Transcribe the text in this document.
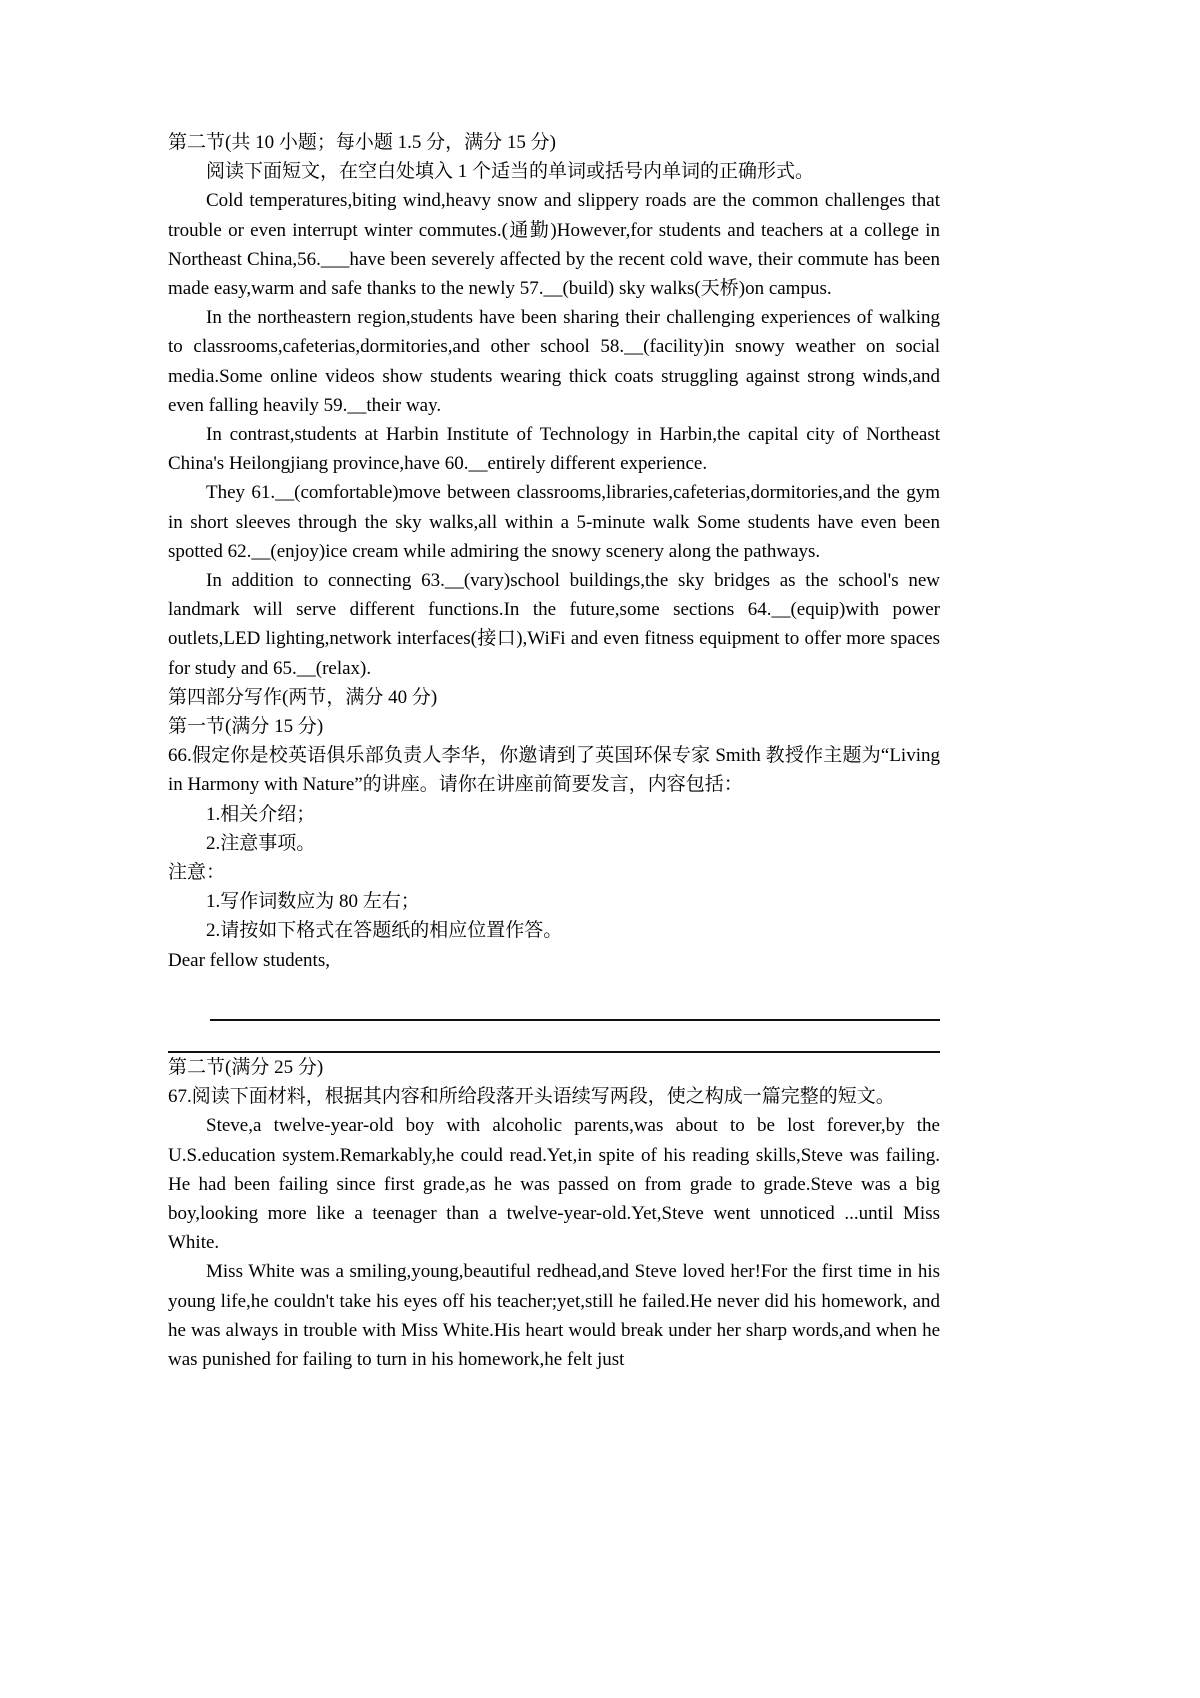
第二节(共 10 小题；每小题 1.5 分，满分 15 分)

阅读下面短文，在空白处填入 1 个适当的单词或括号内单词的正确形式。

Cold temperatures,biting wind,heavy snow and slippery roads are the common challenges that trouble or even interrupt winter commutes.(通勤)However,for students and teachers at a college in Northeast China,56.___have been severely affected by the recent cold wave, their commute has been made easy,warm and safe thanks to the newly 57.__(build) sky walks(天桥)on campus.

In the northeastern region,students have been sharing their challenging experiences of walking to classrooms,cafeterias,dormitories,and other school 58.__(facility)in snowy weather on social media.Some online videos show students wearing thick coats struggling against strong winds,and even falling heavily 59.__their way.

In contrast,students at Harbin Institute of Technology in Harbin,the capital city of Northeast China's Heilongjiang province,have 60.__entirely different experience.

They 61.__(comfortable)move between classrooms,libraries,cafeterias,dormitories,and the gym in short sleeves through the sky walks,all within a 5-minute walk Some students have even been spotted 62.__(enjoy)ice cream while admiring the snowy scenery along the pathways.

In addition to connecting 63.__(vary)school buildings,the sky bridges as the school's new landmark will serve different functions.In the future,some sections 64.__(equip)with power outlets,LED lighting,network interfaces(接口),WiFi and even fitness equipment to offer more spaces for study and 65.__(relax).

第四部分写作(两节，满分 40 分)

第一节(满分 15 分)

66.假定你是校英语俱乐部负责人李华，你邀请到了英国环保专家 Smith 教授作主题为“Living in Harmony with Nature”的讲座。请你在讲座前简要发言，内容包括：

1.相关介绍；

2.注意事项。

注意：

1.写作词数应为 80 左右；

2.请按如下格式在答题纸的相应位置作答。

Dear fellow students,

第二节(满分 25 分)

67.阅读下面材料，根据其内容和所给段落开头语续写两段，使之构成一篇完整的短文。

Steve,a twelve-year-old boy with alcoholic parents,was about to be lost forever,by the U.S.education system.Remarkably,he could read.Yet,in spite of his reading skills,Steve was failing. He had been failing since first grade,as he was passed on from grade to grade.Steve was a big boy,looking more like a teenager than a twelve-year-old.Yet,Steve went unnoticed ...until Miss White.

Miss White was a smiling,young,beautiful redhead,and Steve loved her!For the first time in his young life,he couldn't take his eyes off his teacher;yet,still he failed.He never did his homework, and he was always in trouble with Miss White.His heart would break under her sharp words,and when he was punished for failing to turn in his homework,he felt just
